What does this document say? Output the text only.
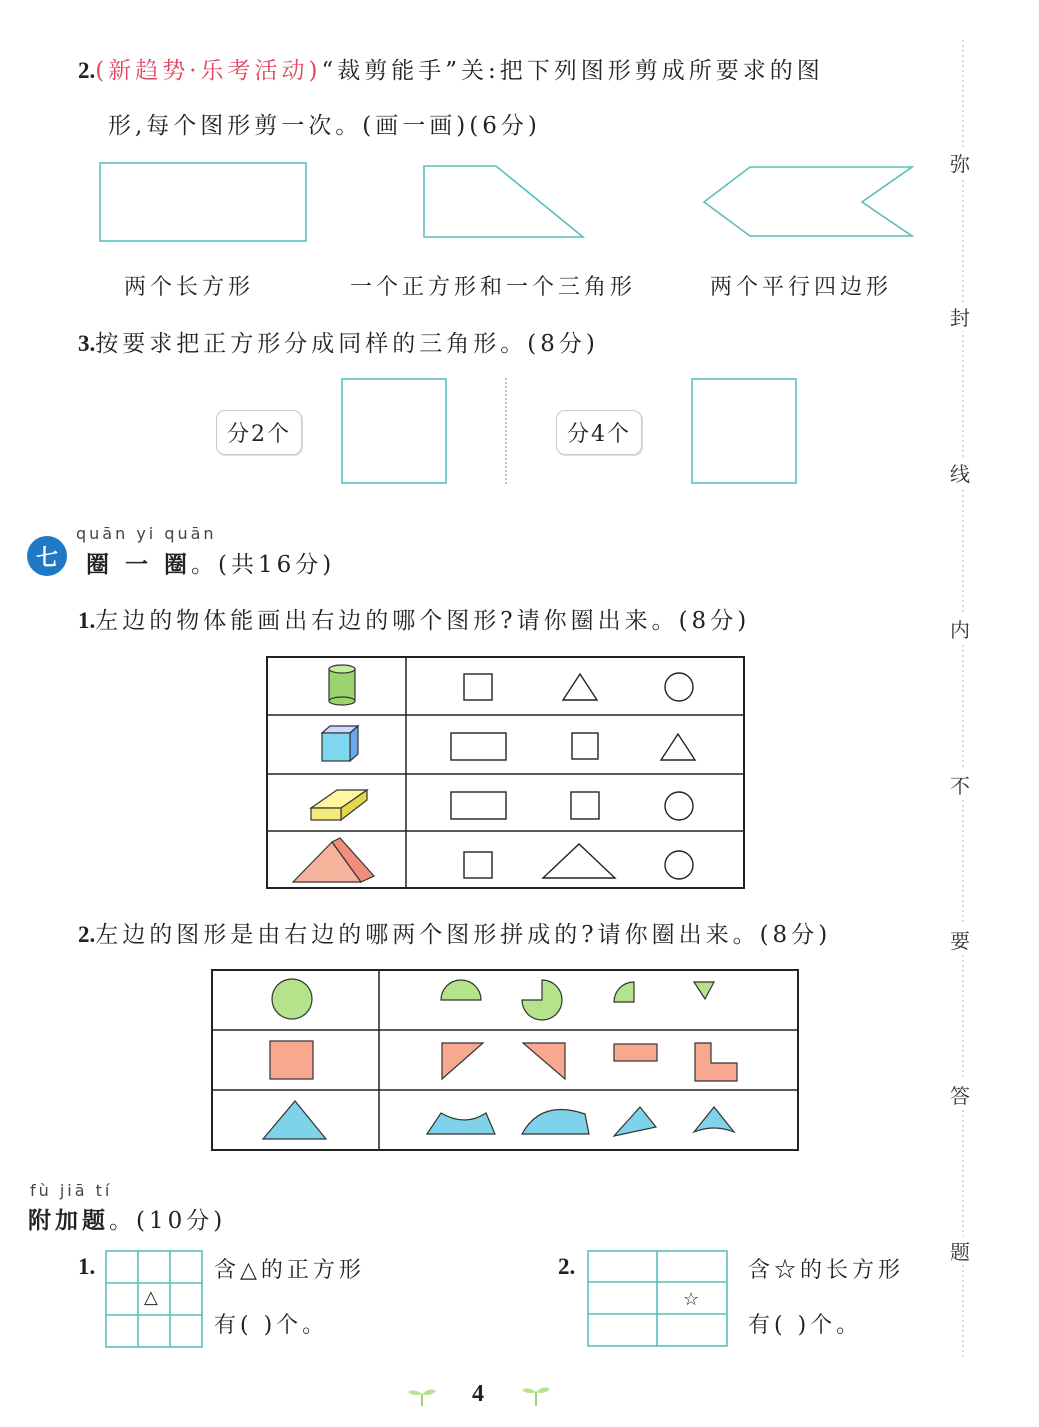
2.(新趋势·乐考活动)“裁剪能手”关:把下列图形剪成所要求的图
形,每个图形剪一次。(画一画)(6分)
两个长方形	一个正方形和一个三角形	两个平行四边形
3.按要求把正方形分成同样的三角形。(8分)
分2个	分4个
quān yi quān
七	圈 一 圈。(共16分)
1.左边的物体能画出右边的哪个图形?请你圈出来。(8分)
2.左边的图形是由右边的哪两个图形拼成的?请你圈出来。(8分)
fù jiā tí
附加题。(10分)
1.
△
含△的正方形
有( )个。
2.
☆
含☆的长方形
有( )个。
弥
封
线
内
不
要
答
题
4
